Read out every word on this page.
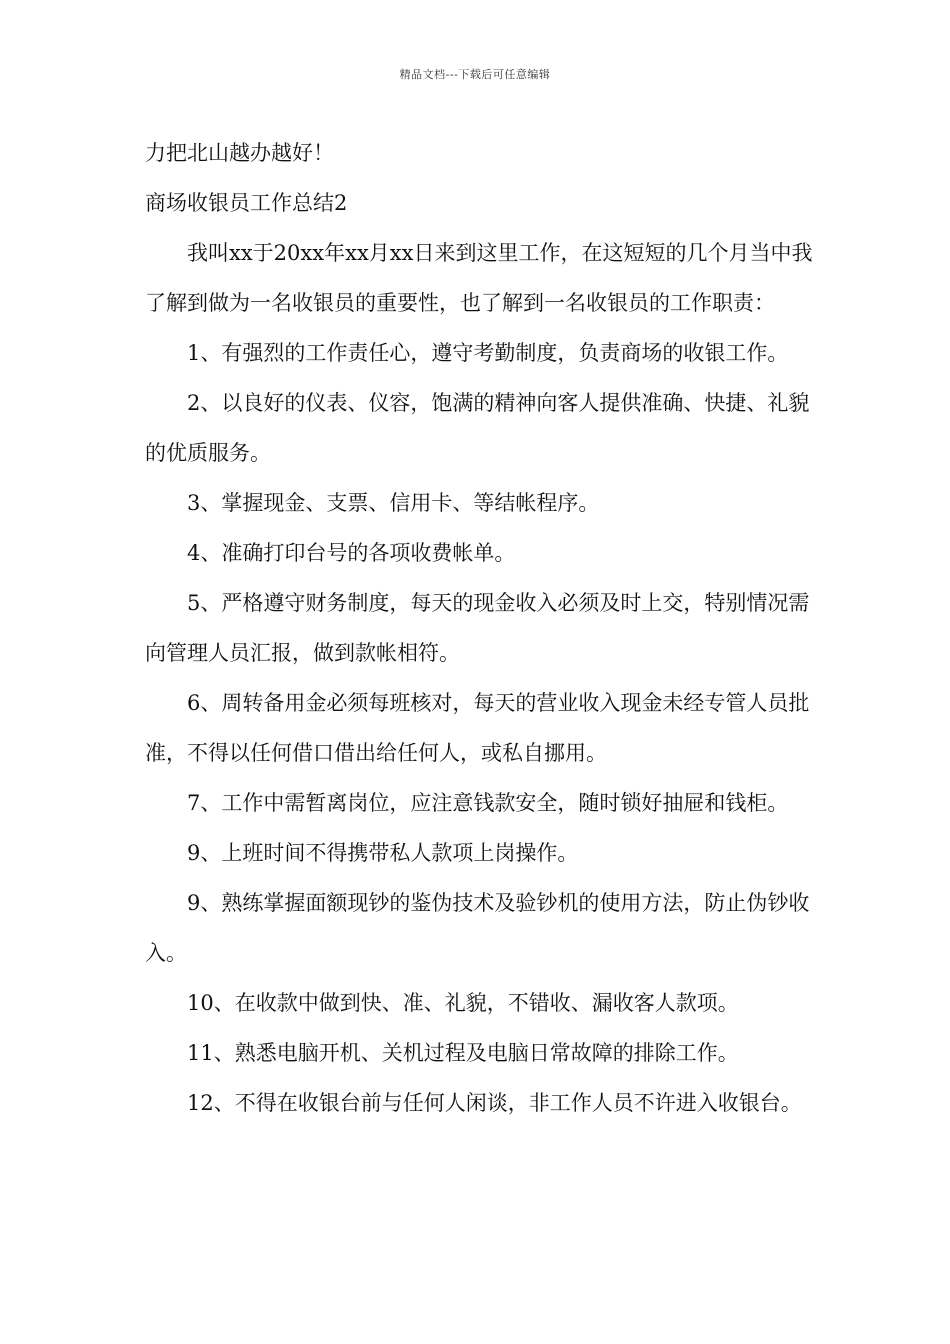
精品文档---下载后可任意编辑

力把北山越办越好！

商场收银员工作总结2

我叫xx于20xx年xx月xx日来到这里工作，在这短短的几个月当中我了解到做为一名收银员的重要性，也了解到一名收银员的工作职责：

1、有强烈的工作责任心，遵守考勤制度，负责商场的收银工作。

2、以良好的仪表、仪容，饱满的精神向客人提供准确、快捷、礼貌的优质服务。

3、掌握现金、支票、信用卡、等结帐程序。

4、准确打印台号的各项收费帐单。

5、严格遵守财务制度，每天的现金收入必须及时上交，特别情况需向管理人员汇报，做到款帐相符。

6、周转备用金必须每班核对，每天的营业收入现金未经专管人员批准，不得以任何借口借出给任何人，或私自挪用。

7、工作中需暂离岗位，应注意钱款安全，随时锁好抽屉和钱柜。

9、上班时间不得携带私人款项上岗操作。

9、熟练掌握面额现钞的鉴伪技术及验钞机的使用方法，防止伪钞收入。

10、在收款中做到快、准、礼貌，不错收、漏收客人款项。

11、熟悉电脑开机、关机过程及电脑日常故障的排除工作。

12、不得在收银台前与任何人闲谈，非工作人员不许进入收银台。
